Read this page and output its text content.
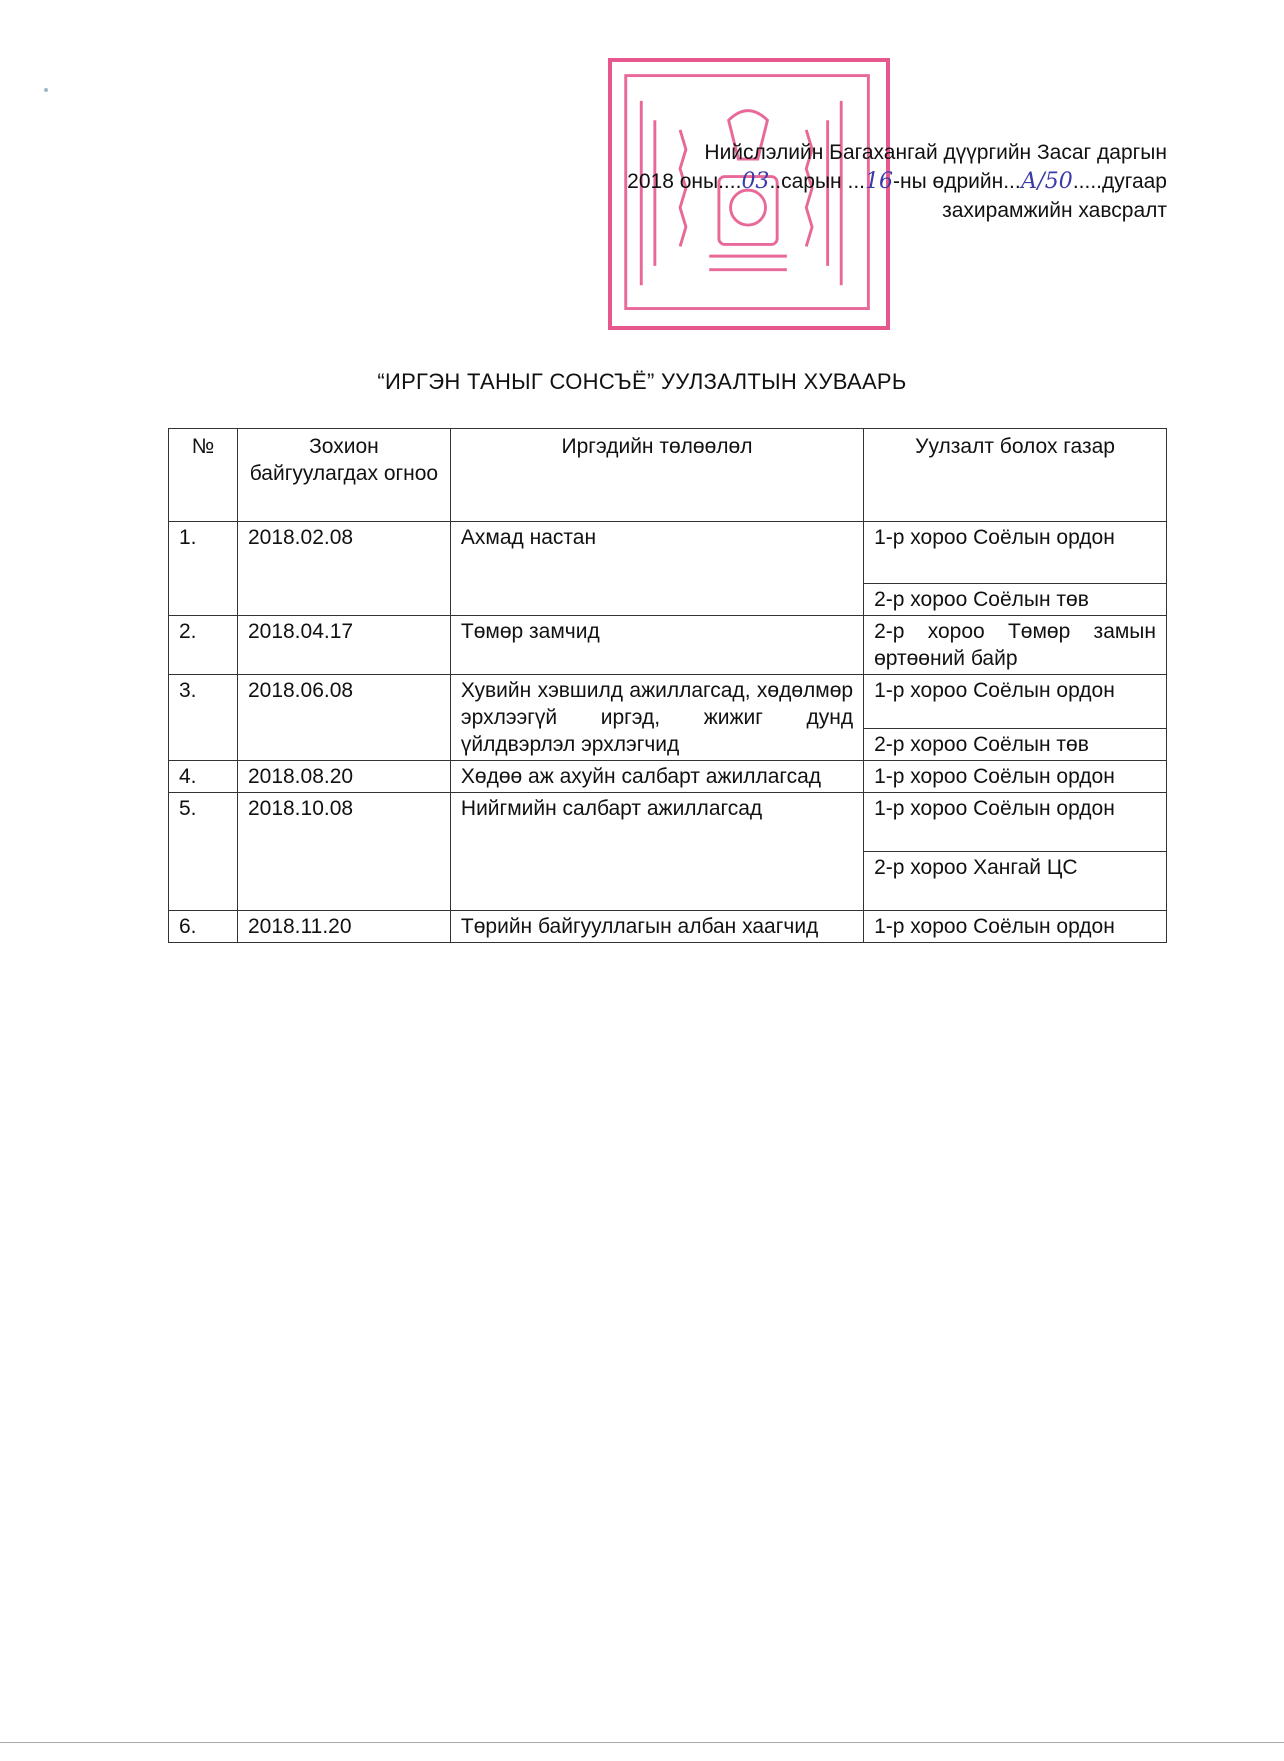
Нийслэлийн Багахангай дүүргийн Засаг даргын
2018 оны....03..сарын ...16-ны өдрийн...А/50.....дугаар
захирамжийн хавсралт
“ИРГЭН ТАНЫГ СОНСЪЁ” УУЛЗАЛТЫН ХУВААРЬ
№	Зохион байгуулагдах огноо	Иргэдийн төлөөлөл	Уулзалт болох газар
1.	2018.02.08	Ахмад настан	1-р хороо Соёлын ордон
			2-р хороо Соёлын төв
2.	2018.04.17	Төмөр замчид	2-р хороо Төмөр замын өртөөний байр
3.	2018.06.08	Хувийн хэвшилд ажиллагсад, хөдөлмөр эрхлээгүй иргэд, жижиг дунд үйлдвэрлэл эрхлэгчид	1-р хороо Соёлын ордон
			2-р хороо Соёлын төв
4.	2018.08.20	Хөдөө аж ахуйн салбарт ажиллагсад	1-р хороо Соёлын ордон
5.	2018.10.08	Нийгмийн салбарт ажиллагсад	1-р хороо Соёлын ордон
			2-р хороо Хангай ЦС
6.	2018.11.20	Төрийн байгууллагын албан хаагчид	1-р хороо Соёлын ордон
